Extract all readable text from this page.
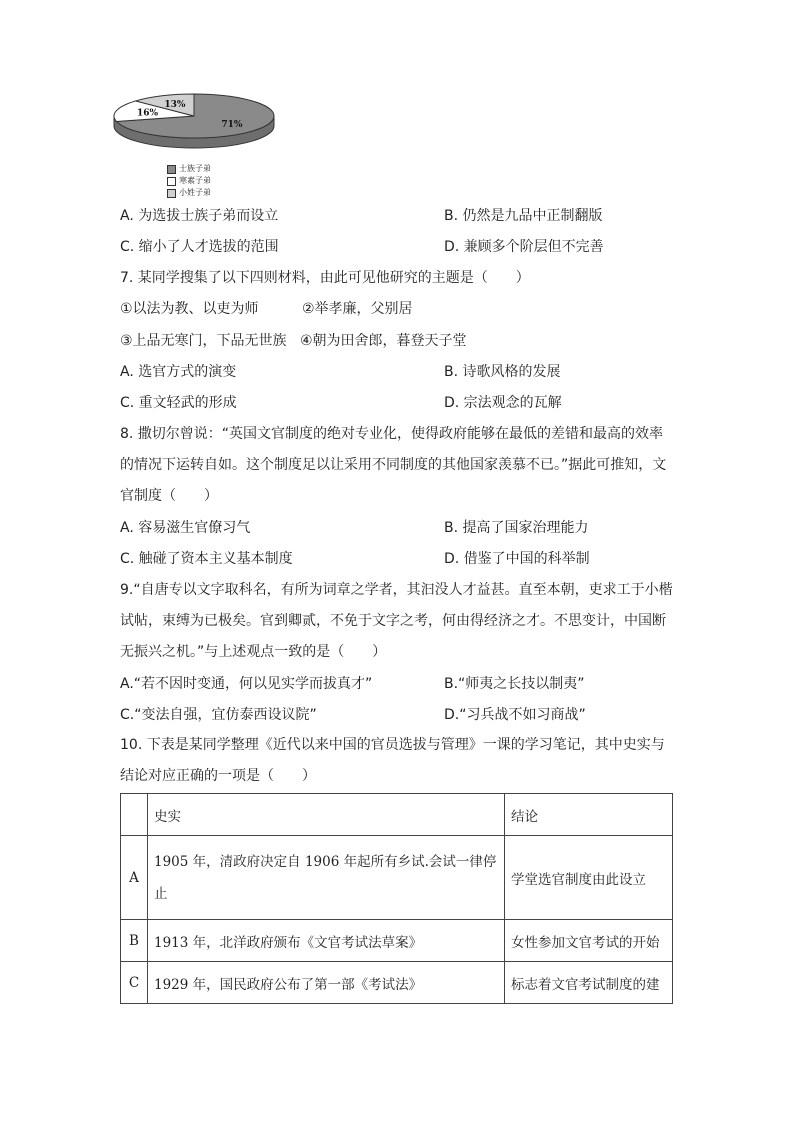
71%
16%
13%
士族子弟
寒素子弟
小姓子弟
A. 为选拔士族子弟而设立	B. 仍然是九品中正制翻版
C. 缩小了人才选拔的范围	D. 兼顾多个阶层但不完善
7. 某同学搜集了以下四则材料，由此可见他研究的主题是（　　）
①以法为教、以吏为师	②举孝廉，父别居
③上品无寒门，下品无世族 ④朝为田舍郎，暮登天子堂
A. 选官方式的演变	B. 诗歌风格的发展
C. 重文轻武的形成	D. 宗法观念的瓦解
8. 撒切尔曾说：“英国文官制度的绝对专业化，使得政府能够在最低的差错和最高的效率的情况下运转自如。这个制度足以让采用不同制度的其他国家羡慕不已。”据此可推知，文官制度（　　）
A. 容易滋生官僚习气	B. 提高了国家治理能力
C. 触碰了资本主义基本制度	D. 借鉴了中国的科举制
9.“自唐专以文字取科名，有所为词章之学者，其汩没人才益甚。直至本朝，吏求工于小楷试帖，束缚为已极矣。官到卿贰，不免于文字之考，何由得经济之才。不思变计，中国断无振兴之机。”与上述观点一致的是（　　）
A.“若不因时变通，何以见实学而拔真才”	B.“师夷之长技以制夷”
C.“变法自强，宜仿泰西设议院”	D.“习兵战不如习商战”
10. 下表是某同学整理《近代以来中国的官员选拔与管理》一课的学习笔记，其中史实与结论对应正确的一项是（　　）
	史实	结论
A	1905 年，清政府决定自 1906 年起所有乡试.会试一律停止	学堂选官制度由此设立
B	1913 年，北洋政府颁布《文官考试法草案》	女性参加文官考试的开始
C	1929 年，国民政府公布了第一部《考试法》	标志着文官考试制度的建
